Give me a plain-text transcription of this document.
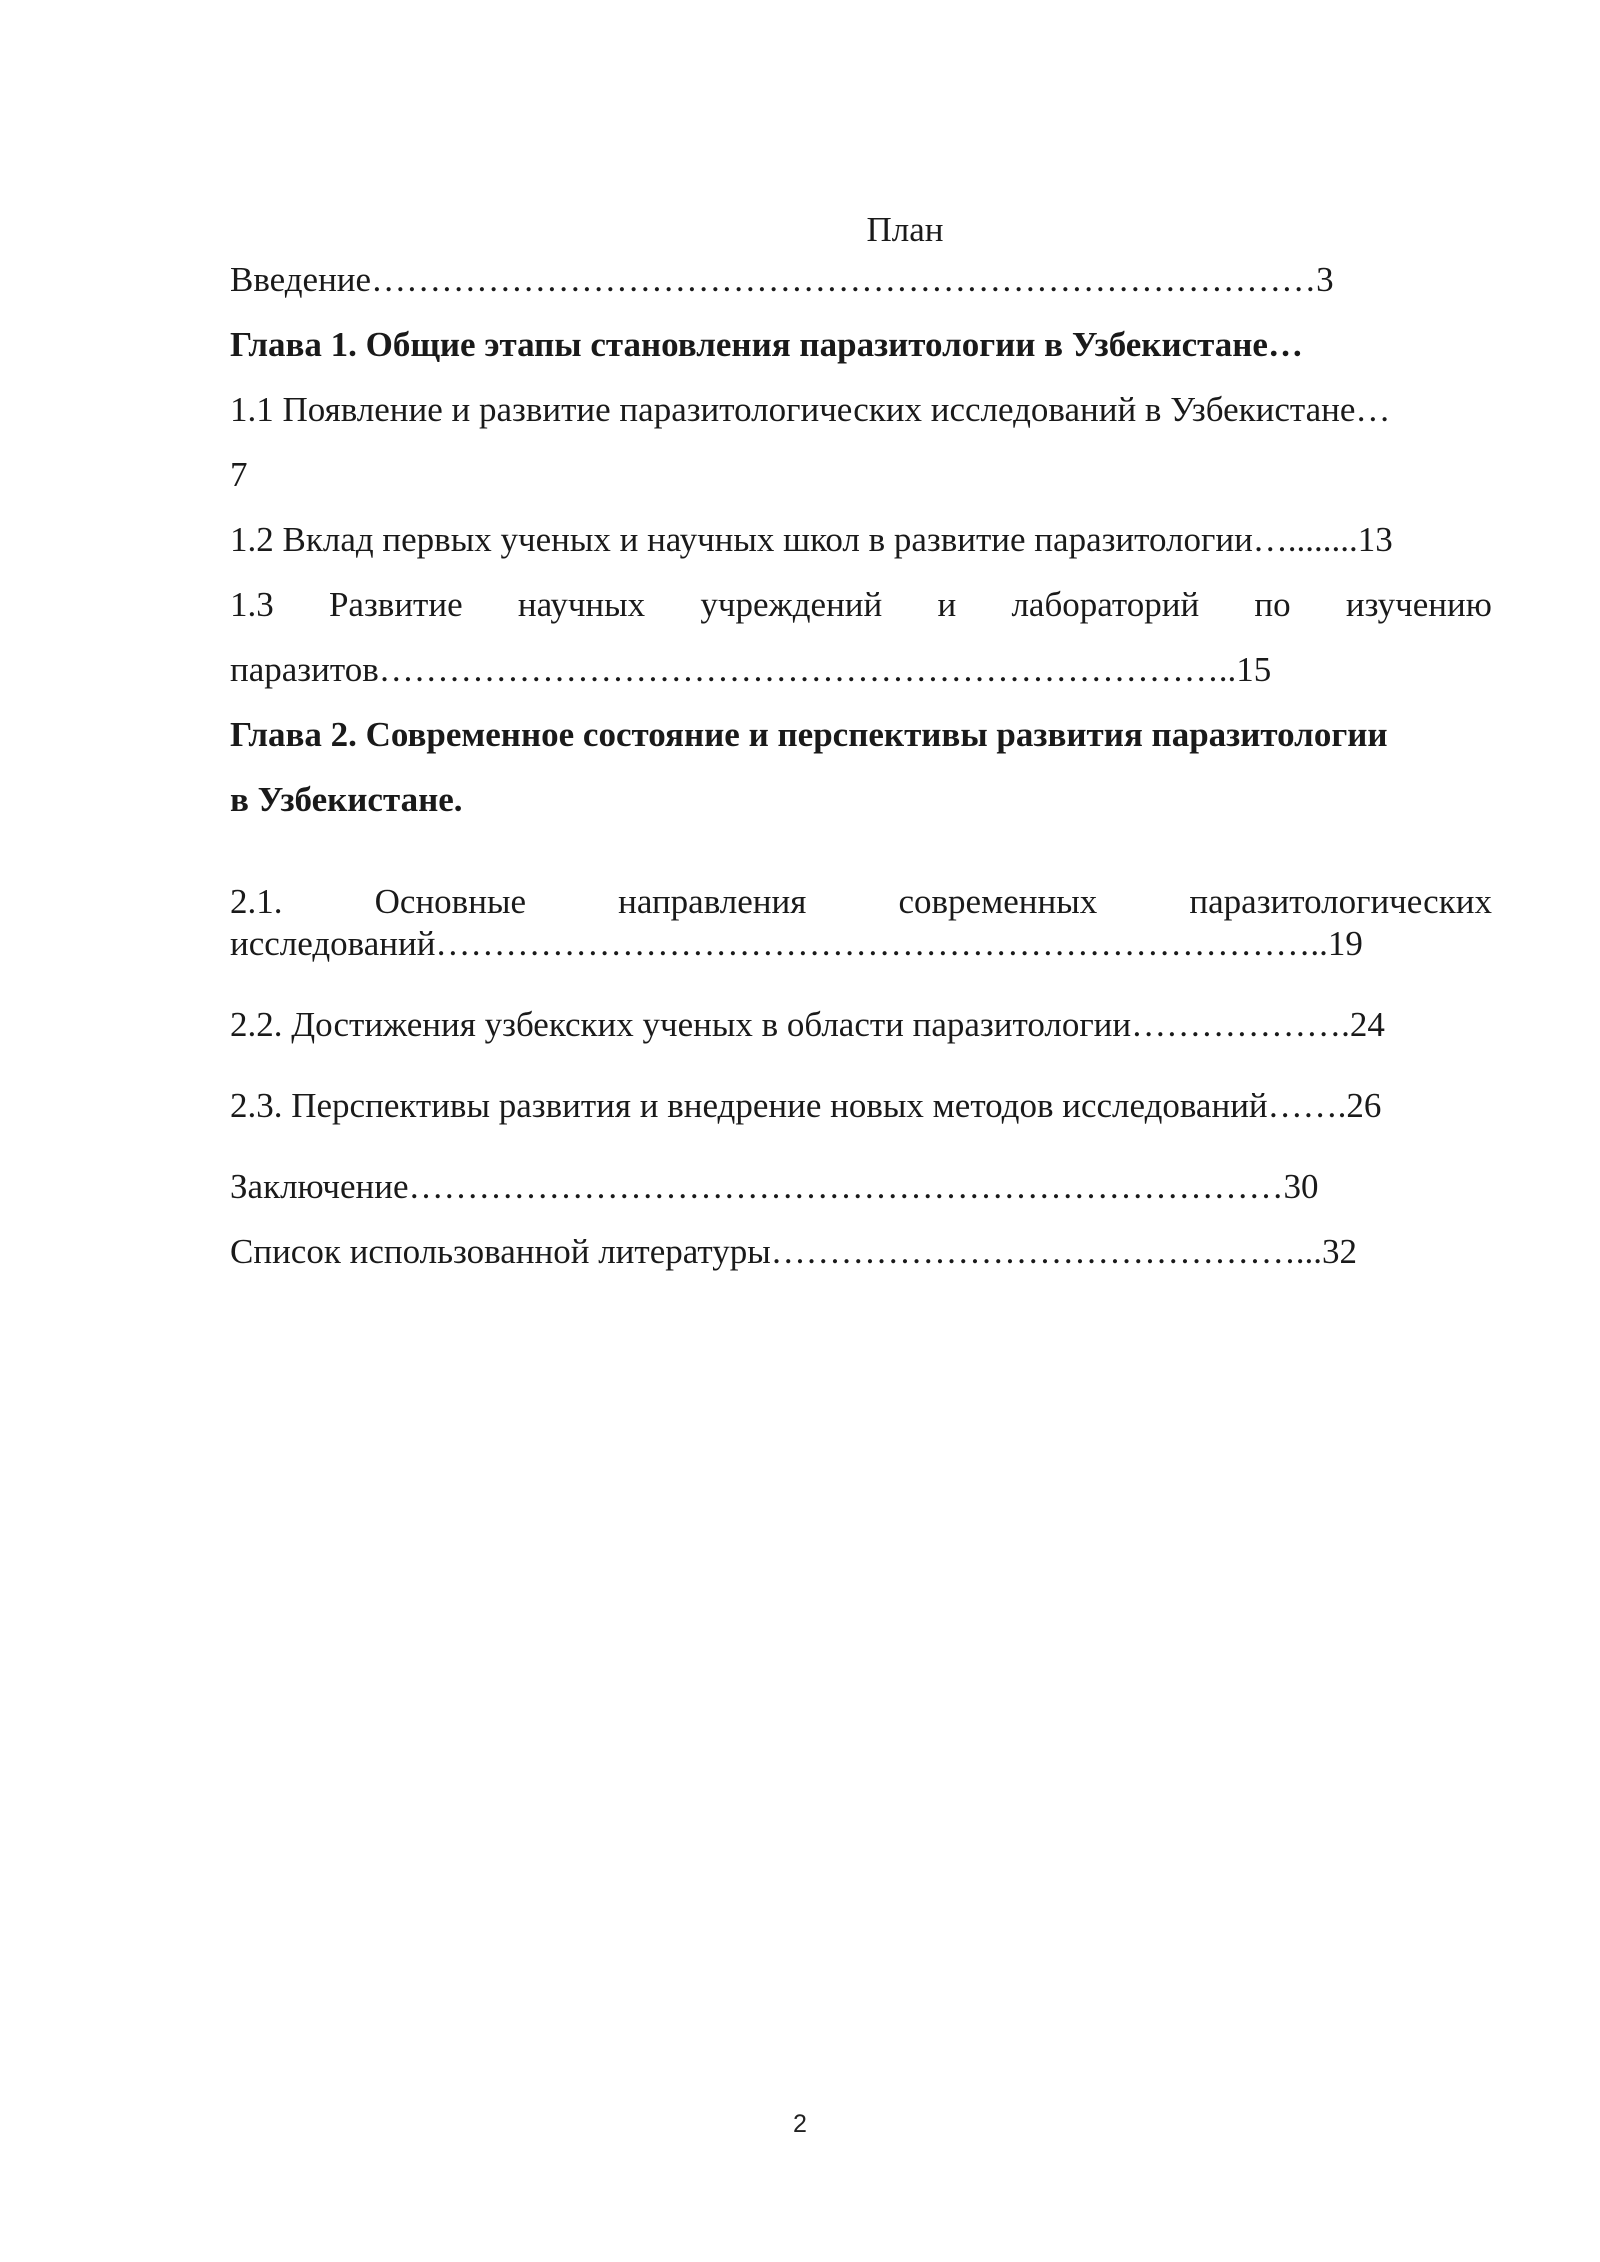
План
Введение………………………………………………………………………3
Глава 1. Общие этапы становления паразитологии в Узбекистане…
1.1 Появление и развитие паразитологических исследований в Узбекистане…
7
1.2 Вклад первых ученых и научных школ в развитие паразитологии…........13
1.3 Развитие научных учреждений и лабораторий по изучению
паразитов………………………………………………………………..15
Глава 2. Современное состояние и перспективы развития паразитологии
в Узбекистане.
2.1.	Основные	направления	современных	паразитологических
исследований…………………………………………………………………..19
2.2. Достижения узбекских ученых в области паразитологии……………….24
2.3. Перспективы развития и внедрение новых методов исследований…….26
Заключение…………………………………………………………………30
Список использованной литературы………………………………………...32
2
